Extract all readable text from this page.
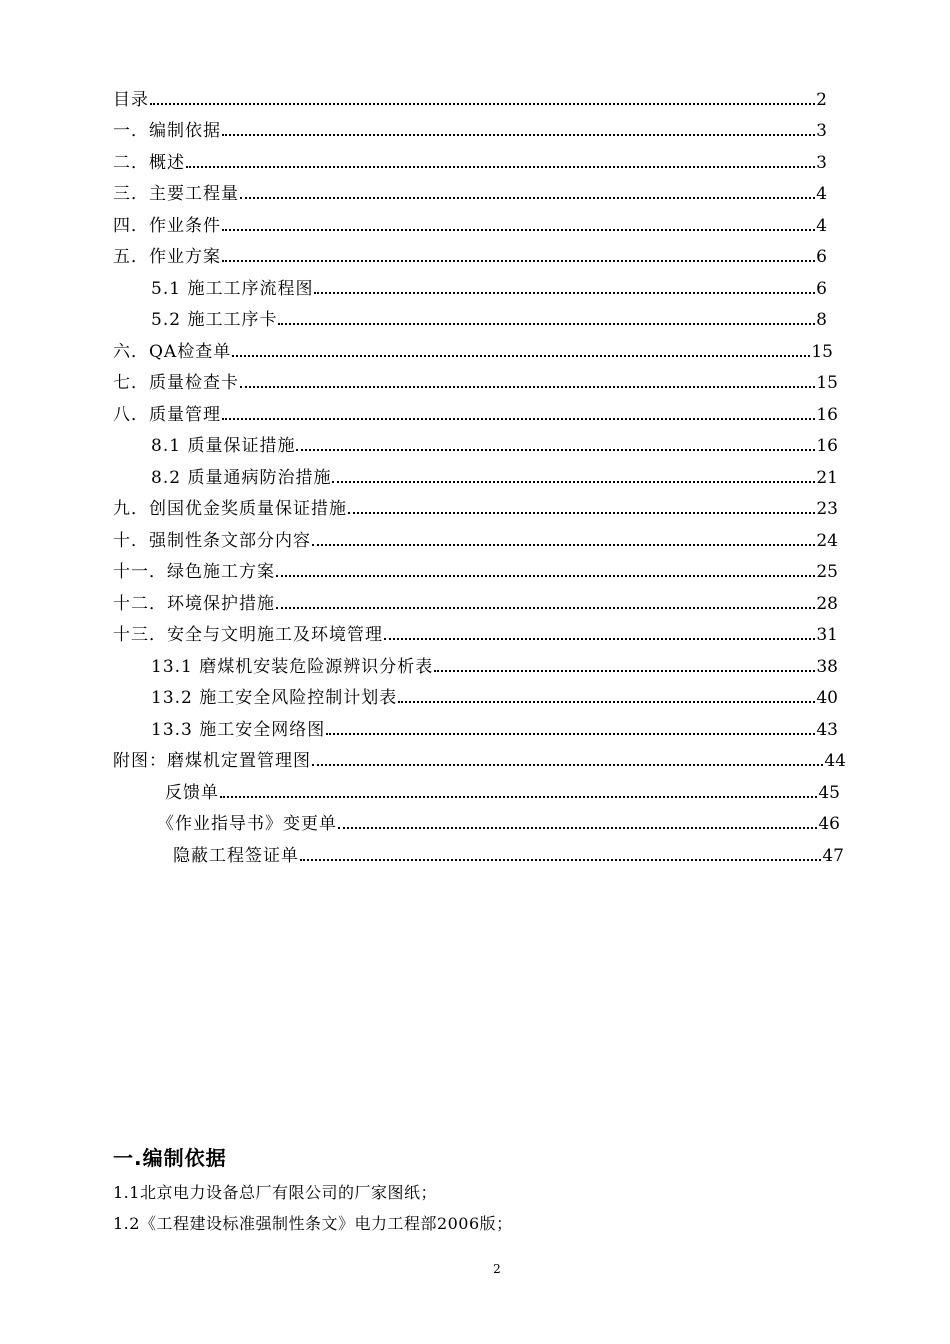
目录	2
一．编制依据	3
二．概述	3
三．主要工程量	4
四．作业条件	4
五．作业方案	6
5.1 施工工序流程图	6
5.2 施工工序卡	8
六．QA检查单	15
七．质量检查卡	15
八．质量管理	16
8.1 质量保证措施	16
8.2 质量通病防治措施	21
九．创国优金奖质量保证措施	23
十．强制性条文部分内容	24
十一．绿色施工方案	25
十二．环境保护措施	28
十三．安全与文明施工及环境管理	31
13.1 磨煤机安装危险源辨识分析表	38
13.2 施工安全风险控制计划表	40
13.3 施工安全网络图	43
附图：磨煤机定置管理图	44
反馈单	45
《作业指导书》变更单	46
隐蔽工程签证单	47
一.编制依据
1.1北京电力设备总厂有限公司的厂家图纸；
1.2《工程建设标准强制性条文》电力工程部2006版；
2
